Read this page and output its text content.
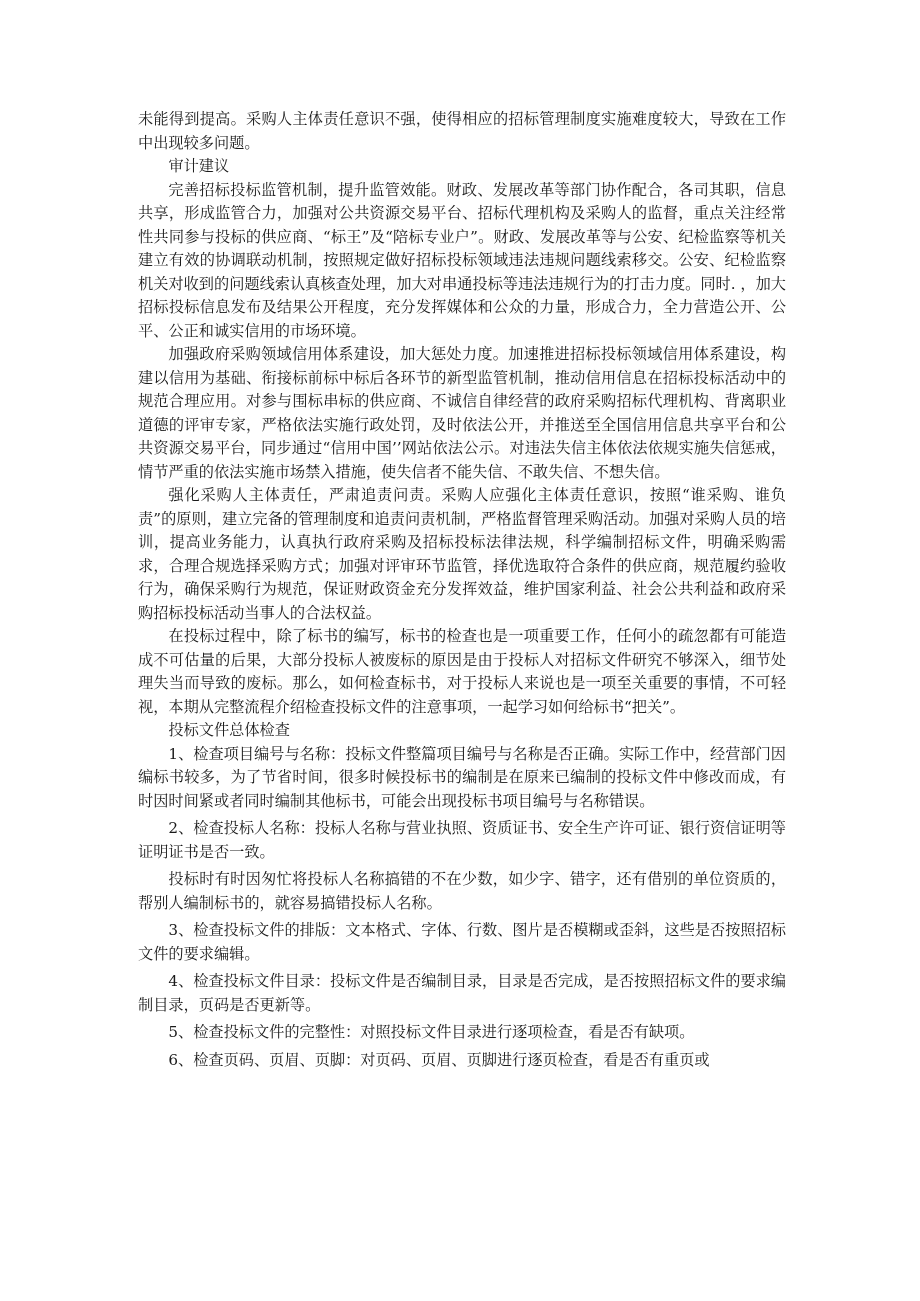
未能得到提高。采购人主体责任意识不强，使得相应的招标管理制度实施难度较大，导致在工作中出现较多问题。

审计建议

完善招标投标监管机制，提升监管效能。财政、发展改革等部门协作配合，各司其职，信息共享，形成监管合力，加强对公共资源交易平台、招标代理机构及采购人的监督，重点关注经常性共同参与投标的供应商、“标王”及“陪标专业户”。财政、发展改革等与公安、纪检监察等机关建立有效的协调联动机制，按照规定做好招标投标领域违法违规问题线索移交。公安、纪检监察机关对收到的问题线索认真核查处理，加大对串通投标等违法违规行为的打击力度。同时. ，加大招标投标信息发布及结果公开程度，充分发挥媒体和公众的力量，形成合力，全力营造公开、公平、公正和诚实信用的市场环境。

加强政府采购领域信用体系建设，加大惩处力度。加速推进招标投标领域信用体系建设，构建以信用为基础、衔接标前标中标后各环节的新型监管机制，推动信用信息在招标投标活动中的规范合理应用。对参与围标串标的供应商、不诚信自律经营的政府采购招标代理机构、背离职业道德的评审专家，严格依法实施行政处罚，及时依法公开，并推送至全国信用信息共享平台和公共资源交易平台，同步通过“信用中国’’网站依法公示。对违法失信主体依法依规实施失信惩戒，情节严重的依法实施市场禁入措施，使失信者不能失信、不敢失信、不想失信。

强化采购人主体责任，严肃追责问责。采购人应强化主体责任意识，按照“谁采购、谁负责”的原则，建立完备的管理制度和追责问责机制，严格监督管理采购活动。加强对采购人员的培训，提高业务能力，认真执行政府采购及招标投标法律法规，科学编制招标文件，明确采购需求，合理合规选择采购方式；加强对评审环节监管，择优选取符合条件的供应商，规范履约验收行为，确保采购行为规范，保证财政资金充分发挥效益，维护国家利益、社会公共利益和政府采购招标投标活动当事人的合法权益。

在投标过程中，除了标书的编写，标书的检查也是一项重要工作，任何小的疏忽都有可能造成不可估量的后果，大部分投标人被废标的原因是由于投标人对招标文件研究不够深入，细节处理失当而导致的废标。那么，如何检查标书，对于投标人来说也是一项至关重要的事情，不可轻视，本期从完整流程介绍检查投标文件的注意事项，一起学习如何给标书“把关”。

投标文件总体检查

1、检查项目编号与名称：投标文件整篇项目编号与名称是否正确。实际工作中，经营部门因编标书较多，为了节省时间，很多时候投标书的编制是在原来已编制的投标文件中修改而成，有时因时间紧或者同时编制其他标书，可能会出现投标书项目编号与名称错误。

2、检查投标人名称：投标人名称与营业执照、资质证书、安全生产许可证、银行资信证明等证明证书是否一致。

投标时有时因匆忙将投标人名称搞错的不在少数，如少字、错字，还有借别的单位资质的，帮别人编制标书的，就容易搞错投标人名称。

3、检查投标文件的排版：文本格式、字体、行数、图片是否模糊或歪斜，这些是否按照招标文件的要求编辑。

4、检查投标文件目录：投标文件是否编制目录，目录是否完成，是否按照招标文件的要求编制目录，页码是否更新等。

5、检查投标文件的完整性：对照投标文件目录进行逐项检查，看是否有缺项。

6、检查页码、页眉、页脚：对页码、页眉、页脚进行逐页检查，看是否有重页或
